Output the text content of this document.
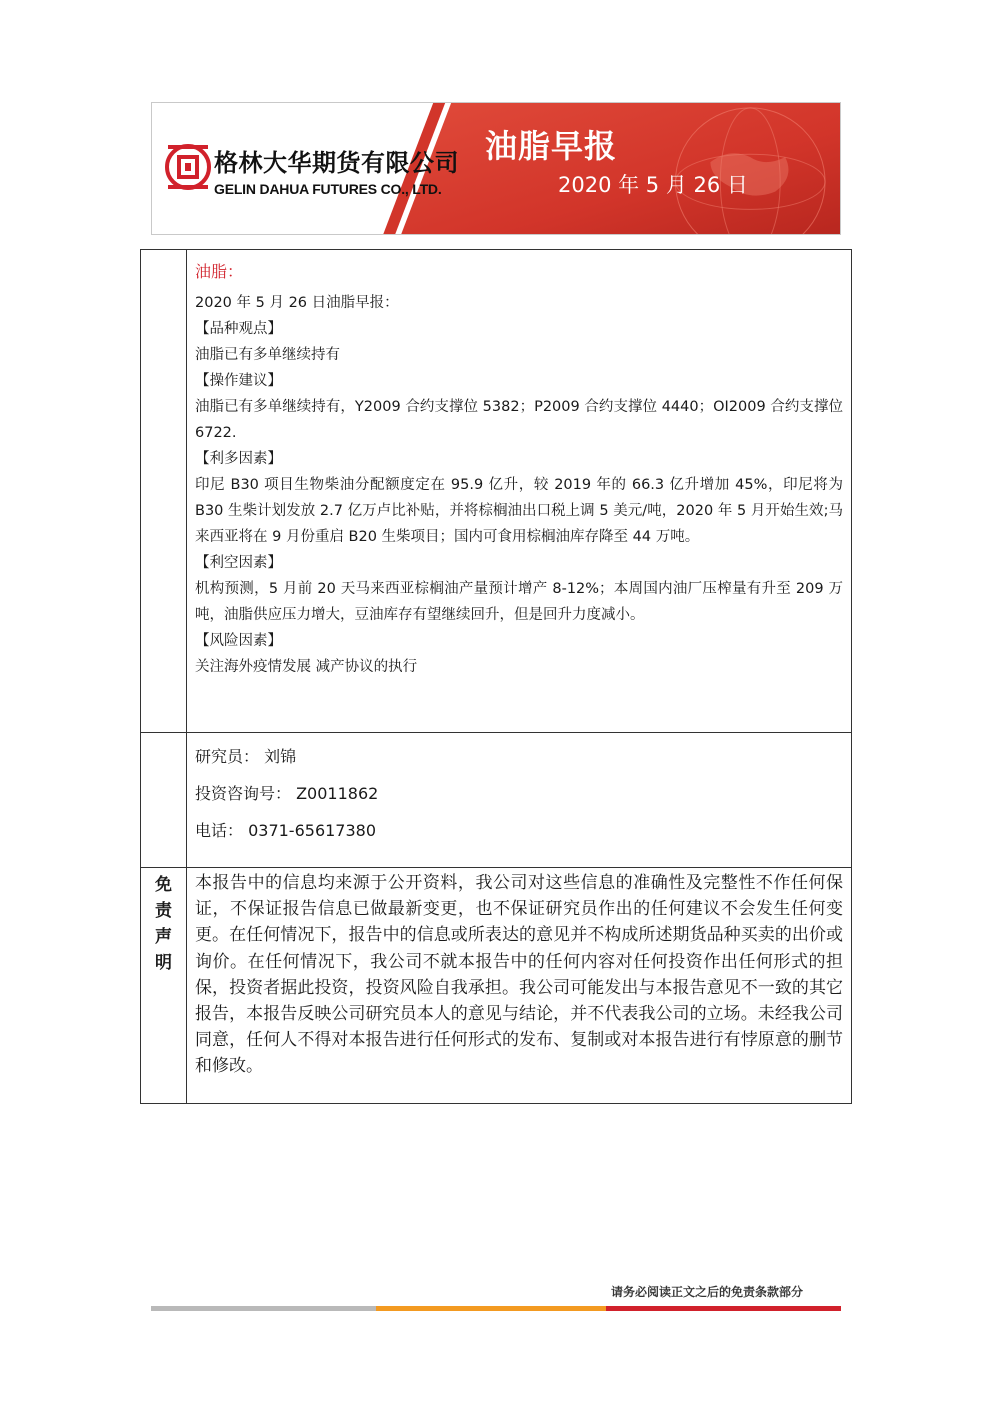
格林大华期货有限公司
GELIN DAHUA FUTURES CO., LTD.
油脂早报
2020 年 5 月 26 日

油脂：

2020 年 5 月 26 日油脂早报：

【品种观点】

油脂已有多单继续持有

【操作建议】

油脂已有多单继续持有，Y2009 合约支撑位 5382；P2009 合约支撑位 4440；OI2009 合约支撑位 6722.

【利多因素】

印尼 B30 项目生物柴油分配额度定在 95.9 亿升，较 2019 年的 66.3 亿升增加 45%，印尼将为 B30 生柴计划发放 2.7 亿万卢比补贴，并将棕榈油出口税上调 5 美元/吨，2020 年 5 月开始生效;马来西亚将在 9 月份重启 B20 生柴项目；国内可食用棕榈油库存降至 44 万吨。

【利空因素】

机构预测，5 月前 20 天马来西亚棕榈油产量预计增产 8-12%；本周国内油厂压榨量有升至 209 万吨，油脂供应压力增大，豆油库存有望继续回升，但是回升力度减小。

【风险因素】

关注海外疫情发展 减产协议的执行

研究员： 刘锦

投资咨询号： Z0011862

电话： 0371-65617380

免
责
声
明
本报告中的信息均来源于公开资料，我公司对这些信息的准确性及完整性不作任何保证，不保证报告信息已做最新变更，也不保证研究员作出的任何建议不会发生任何变更。在任何情况下，报告中的信息或所表达的意见并不构成所述期货品种买卖的出价或询价。在任何情况下，我公司不就本报告中的任何内容对任何投资作出任何形式的担保，投资者据此投资，投资风险自我承担。我公司可能发出与本报告意见不一致的其它报告，本报告反映公司研究员本人的意见与结论，并不代表我公司的立场。未经我公司同意，任何人不得对本报告进行任何形式的发布、复制或对本报告进行有悖原意的删节和修改。
请务必阅读正文之后的免责条款部分
